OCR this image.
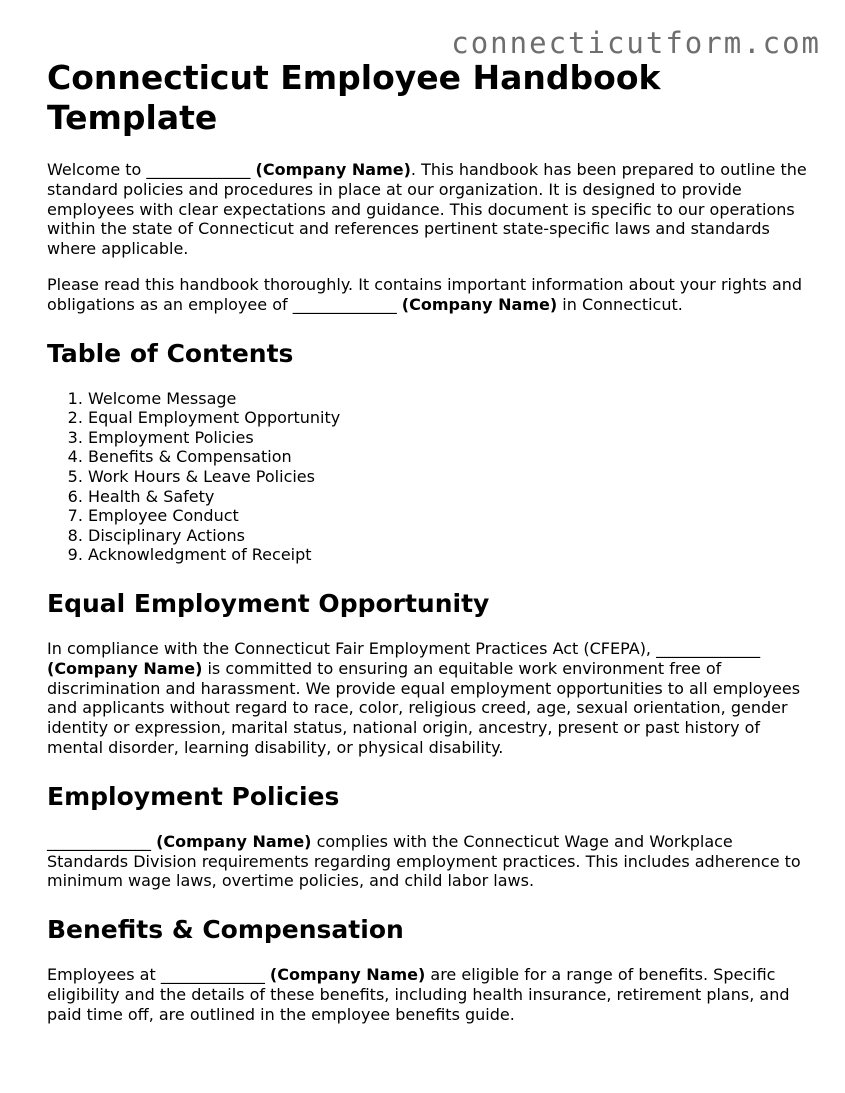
connecticutform.com
Connecticut Employee Handbook Template

Welcome to _____________ (Company Name). This handbook has been prepared to outline the standard policies and procedures in place at our organization. It is designed to provide employees with clear expectations and guidance. This document is specific to our operations within the state of Connecticut and references pertinent state-specific laws and standards where applicable.

Please read this handbook thoroughly. It contains important information about your rights and obligations as an employee of _____________ (Company Name) in Connecticut.

Table of Contents
1. Welcome Message
2. Equal Employment Opportunity
3. Employment Policies
4. Benefits & Compensation
5. Work Hours & Leave Policies
6. Health & Safety
7. Employee Conduct
8. Disciplinary Actions
9. Acknowledgment of Receipt
Equal Employment Opportunity

In compliance with the Connecticut Fair Employment Practices Act (CFEPA), _____________ (Company Name) is committed to ensuring an equitable work environment free of discrimination and harassment. We provide equal employment opportunities to all employees and applicants without regard to race, color, religious creed, age, sexual orientation, gender identity or expression, marital status, national origin, ancestry, present or past history of mental disorder, learning disability, or physical disability.

Employment Policies

_____________ (Company Name) complies with the Connecticut Wage and Workplace Standards Division requirements regarding employment practices. This includes adherence to minimum wage laws, overtime policies, and child labor laws.

Benefits & Compensation

Employees at _____________ (Company Name) are eligible for a range of benefits. Specific eligibility and the details of these benefits, including health insurance, retirement plans, and paid time off, are outlined in the employee benefits guide.
